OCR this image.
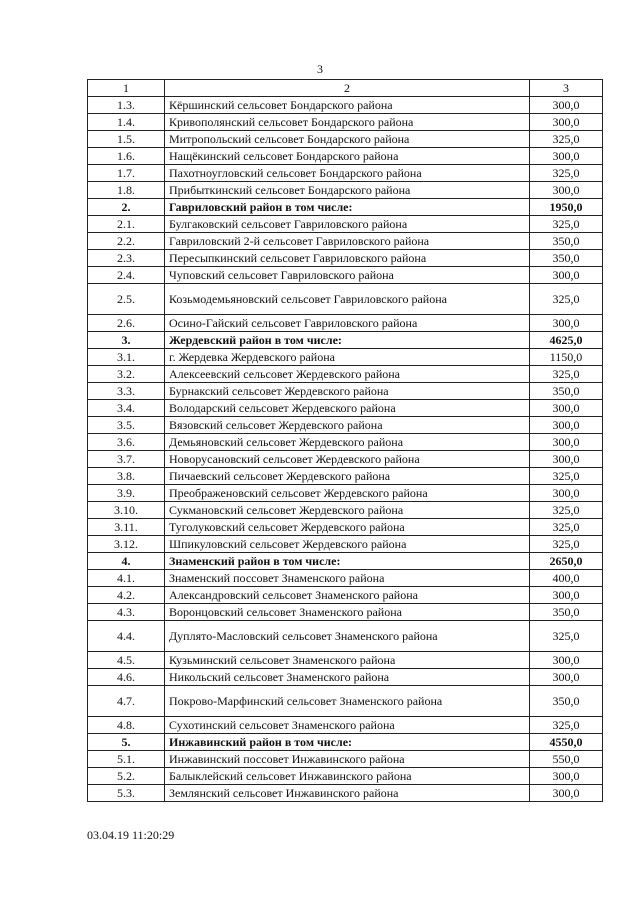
3
1	2	3
1.3.	Кёршинский сельсовет Бондарского района	300,0
1.4.	Кривополянский сельсовет Бондарского района	300,0
1.5.	Митропольский сельсовет Бондарского района	325,0
1.6.	Нащёкинский сельсовет Бондарского района	300,0
1.7.	Пахотноугловский сельсовет Бондарского района	325,0
1.8.	Прибыткинский сельсовет Бондарского района	300,0
2.	Гавриловский район в том числе:	1950,0
2.1.	Булгаковский сельсовет Гавриловского района	325,0
2.2.	Гавриловский 2-й сельсовет Гавриловского района	350,0
2.3.	Пересыпкинский сельсовет Гавриловского района	350,0
2.4.	Чуповский сельсовет Гавриловского района	300,0
2.5.	Козьмодемьяновский сельсовет Гавриловского района	325,0
2.6.	Осино-Гайский сельсовет Гавриловского района	300,0
3.	Жердевский район в том числе:	4625,0
3.1.	г. Жердевка Жердевского района	1150,0
3.2.	Алексеевский сельсовет Жердевского района	325,0
3.3.	Бурнакский сельсовет Жердевского района	350,0
3.4.	Володарский сельсовет Жердевского района	300,0
3.5.	Вязовский сельсовет Жердевского района	300,0
3.6.	Демьяновский сельсовет Жердевского района	300,0
3.7.	Новорусановский сельсовет Жердевского района	300,0
3.8.	Пичаевский сельсовет Жердевского района	325,0
3.9.	Преображеновский сельсовет Жердевского района	300,0
3.10.	Сукмановский сельсовет Жердевского района	325,0
3.11.	Туголуковский сельсовет Жердевского района	325,0
3.12.	Шпикуловский сельсовет Жердевского района	325,0
4.	Знаменский район в том числе:	2650,0
4.1.	Знаменский поссовет Знаменского района	400,0
4.2.	Александровский сельсовет Знаменского района	300,0
4.3.	Воронцовский сельсовет Знаменского района	350,0
4.4.	Дуплято-Масловский сельсовет Знаменского района	325,0
4.5.	Кузьминский сельсовет Знаменского района	300,0
4.6.	Никольский сельсовет Знаменского района	300,0
4.7.	Покрово-Марфинский сельсовет Знаменского района	350,0
4.8.	Сухотинский сельсовет Знаменского района	325,0
5.	Инжавинский район в том числе:	4550,0
5.1.	Инжавинский поссовет Инжавинского района	550,0
5.2.	Балыклейский сельсовет Инжавинского района	300,0
5.3.	Землянский сельсовет Инжавинского района	300,0
03.04.19 11:20:29
